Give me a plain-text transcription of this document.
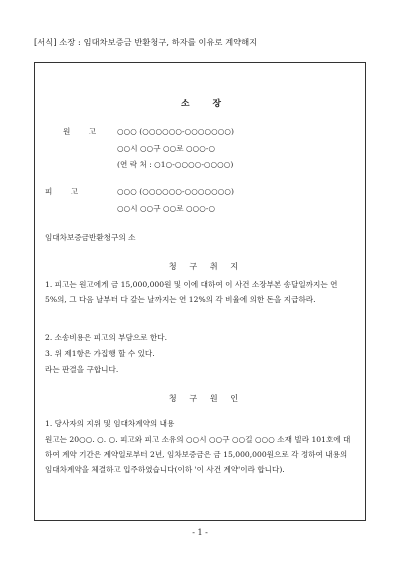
[서식] 소장 : 임대차보증금 반환청구, 하자를 이유로 계약해지
소 장
원 고 ○○○ (○○○○○○-○○○○○○○)
○○시 ○○구 ○○로 ○○○-○
(연 락 처 : ○1○-○○○○-○○○○)
피 고	○○○ (○○○○○○-○○○○○○○)
○○시 ○○구 ○○로 ○○○-○
임대차보증금반환청구의 소
청 구 취 지
1. 피고는 원고에게 금 15,000,000원 및 이에 대하여 이 사건 소장부본 송달일까지는 연 5%의, 그 다음 날부터 다 갚는 날까지는 연 12%의 각 비율에 의한 돈을 지급하라.
2. 소송비용은 피고의 부담으로 한다.
3. 위 제1항은 가집행 할 수 있다.
라는 판결을 구합니다.
청 구 원 인
1. 당사자의 지위 및 임대차계약의 내용
원고는 20○○. ○. ○. 피고와 피고 소유의 ○○시 ○○구 ○○길 ○○○ 소재 빌라 101호에 대하여 계약 기간은 계약일로부터 2년, 임차보증금은 금 15,000,000원으로 각 정하여 내용의 임대차계약을 체결하고 입주하였습니다(이하 '이 사건 계약'이라 합니다).
- 1 -
